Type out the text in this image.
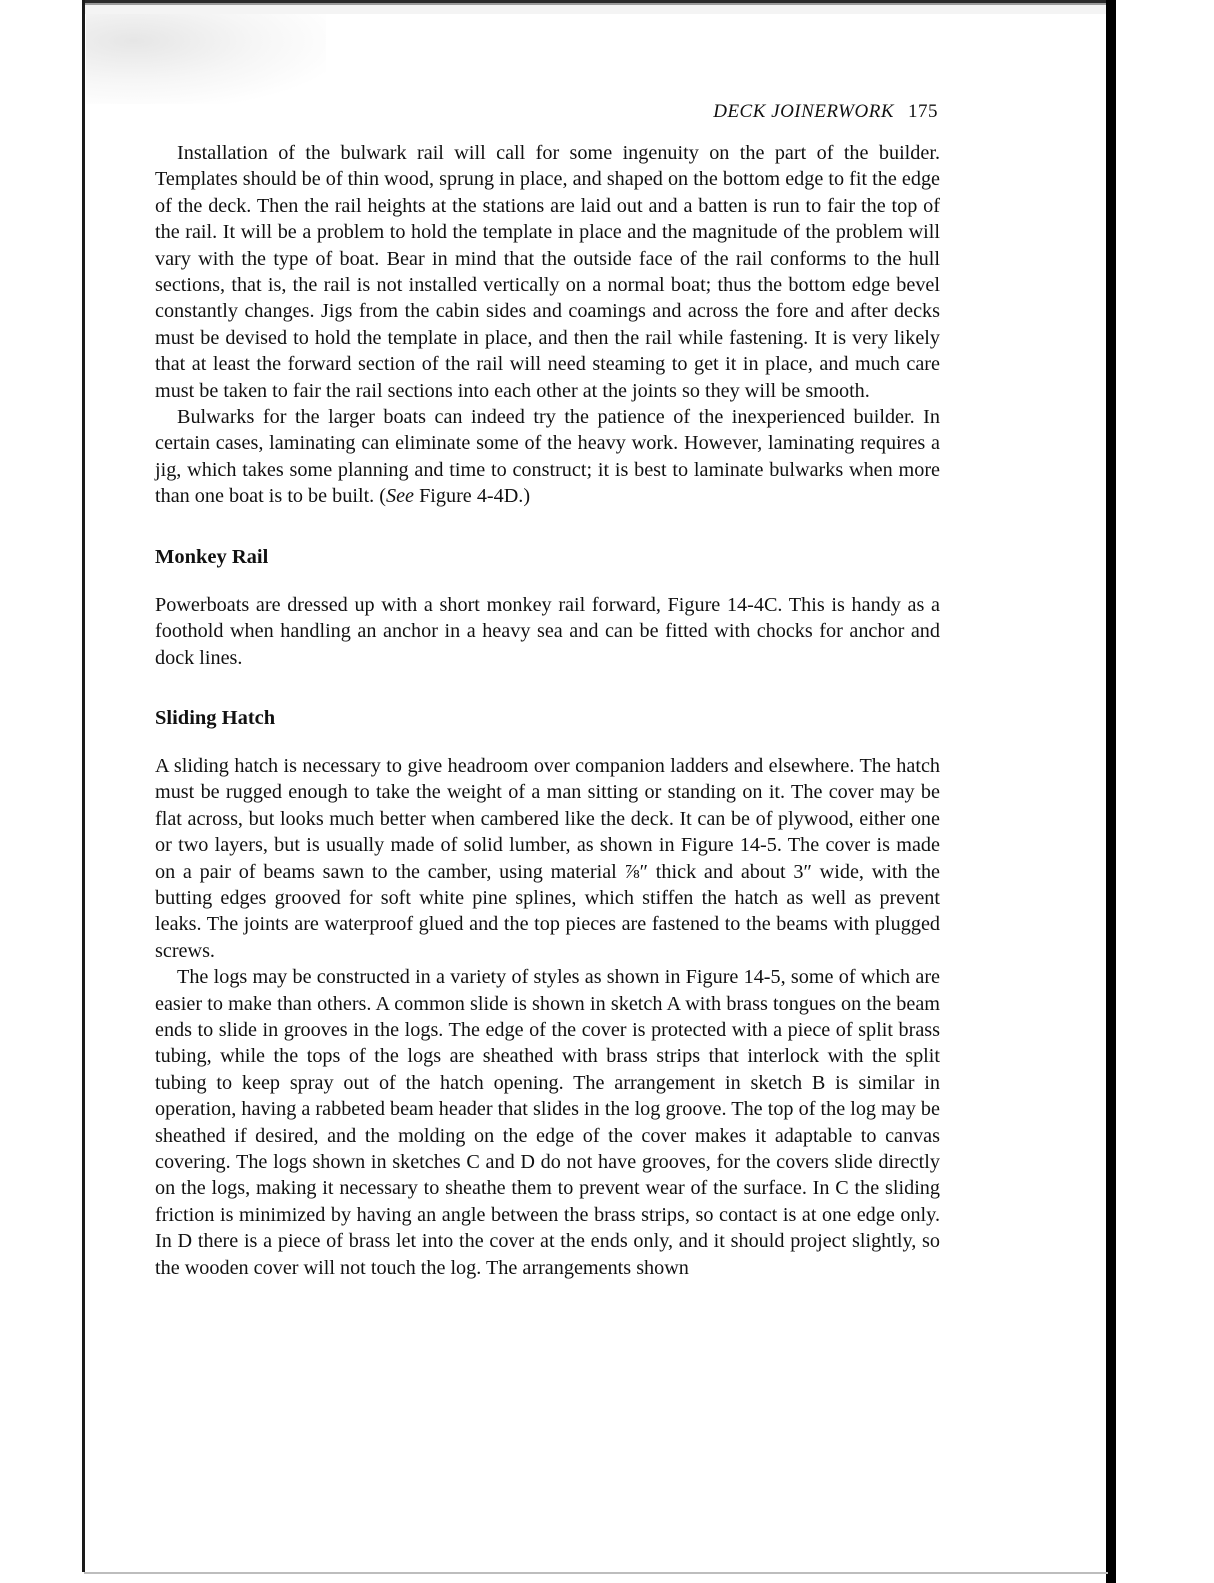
DECK JOINERWORK 175

Installation of the bulwark rail will call for some ingenuity on the part of the builder. Templates should be of thin wood, sprung in place, and shaped on the bottom edge to fit the edge of the deck. Then the rail heights at the stations are laid out and a batten is run to fair the top of the rail. It will be a problem to hold the template in place and the magnitude of the problem will vary with the type of boat. Bear in mind that the outside face of the rail conforms to the hull sections, that is, the rail is not installed vertically on a normal boat; thus the bottom edge bevel constantly changes. Jigs from the cabin sides and coamings and across the fore and after decks must be devised to hold the template in place, and then the rail while fastening. It is very likely that at least the forward section of the rail will need steaming to get it in place, and much care must be taken to fair the rail sections into each other at the joints so they will be smooth.

Bulwarks for the larger boats can indeed try the patience of the inexperienced builder. In certain cases, laminating can eliminate some of the heavy work. However, laminating requires a jig, which takes some planning and time to construct; it is best to laminate bulwarks when more than one boat is to be built. (See Figure 4-4D.)

Monkey Rail

Powerboats are dressed up with a short monkey rail forward, Figure 14-4C. This is handy as a foothold when handling an anchor in a heavy sea and can be fitted with chocks for anchor and dock lines.

Sliding Hatch

A sliding hatch is necessary to give headroom over companion ladders and elsewhere. The hatch must be rugged enough to take the weight of a man sitting or standing on it. The cover may be flat across, but looks much better when cambered like the deck. It can be of plywood, either one or two layers, but is usually made of solid lumber, as shown in Figure 14-5. The cover is made on a pair of beams sawn to the camber, using material ⅞″ thick and about 3″ wide, with the butting edges grooved for soft white pine splines, which stiffen the hatch as well as prevent leaks. The joints are waterproof glued and the top pieces are fastened to the beams with plugged screws.

The logs may be constructed in a variety of styles as shown in Figure 14-5, some of which are easier to make than others. A common slide is shown in sketch A with brass tongues on the beam ends to slide in grooves in the logs. The edge of the cover is protected with a piece of split brass tubing, while the tops of the logs are sheathed with brass strips that interlock with the split tubing to keep spray out of the hatch opening. The arrangement in sketch B is similar in operation, having a rabbeted beam header that slides in the log groove. The top of the log may be sheathed if desired, and the molding on the edge of the cover makes it adaptable to canvas covering. The logs shown in sketches C and D do not have grooves, for the covers slide directly on the logs, making it necessary to sheathe them to prevent wear of the surface. In C the sliding friction is minimized by having an angle between the brass strips, so contact is at one edge only. In D there is a piece of brass let into the cover at the ends only, and it should project slightly, so the wooden cover will not touch the log. The arrangements shown
